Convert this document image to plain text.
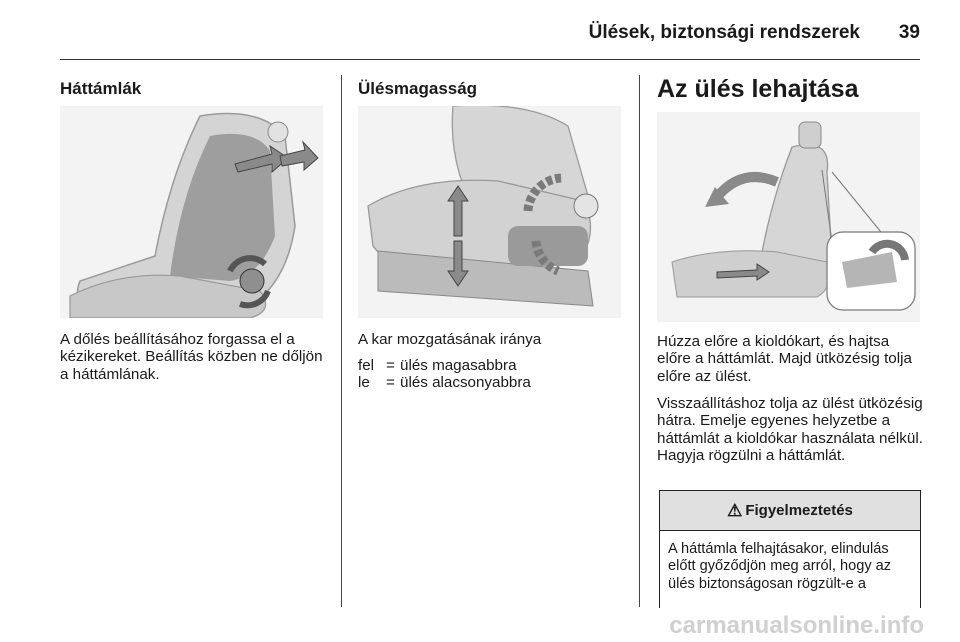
Ülések, biztonsági rendszerek 39
Háttámlák

A dőlés beállításához forgassa el a kézikereket. Beállítás közben ne dőljön a háttámlának.

Ülésmagasság

A kar mozgatásának iránya

fel = ülés magasabbra
le	= ülés alacsonyabbra
Az ülés lehajtása

Húzza előre a kioldókart, és hajtsa előre a háttámlát. Majd ütközésig tolja előre az ülést.

Visszaállításhoz tolja az ülést ütközésig hátra. Emelje egyenes helyzetbe a háttámlát a kioldókar használata nélkül. Hagyja rögzülni a háttámlát.

⚠ Figyelmeztetés
A háttámla felhajtásakor, elindulás előtt győződjön meg arról, hogy az ülés biztonságosan rögzült-e a
carmanualsonline.info
